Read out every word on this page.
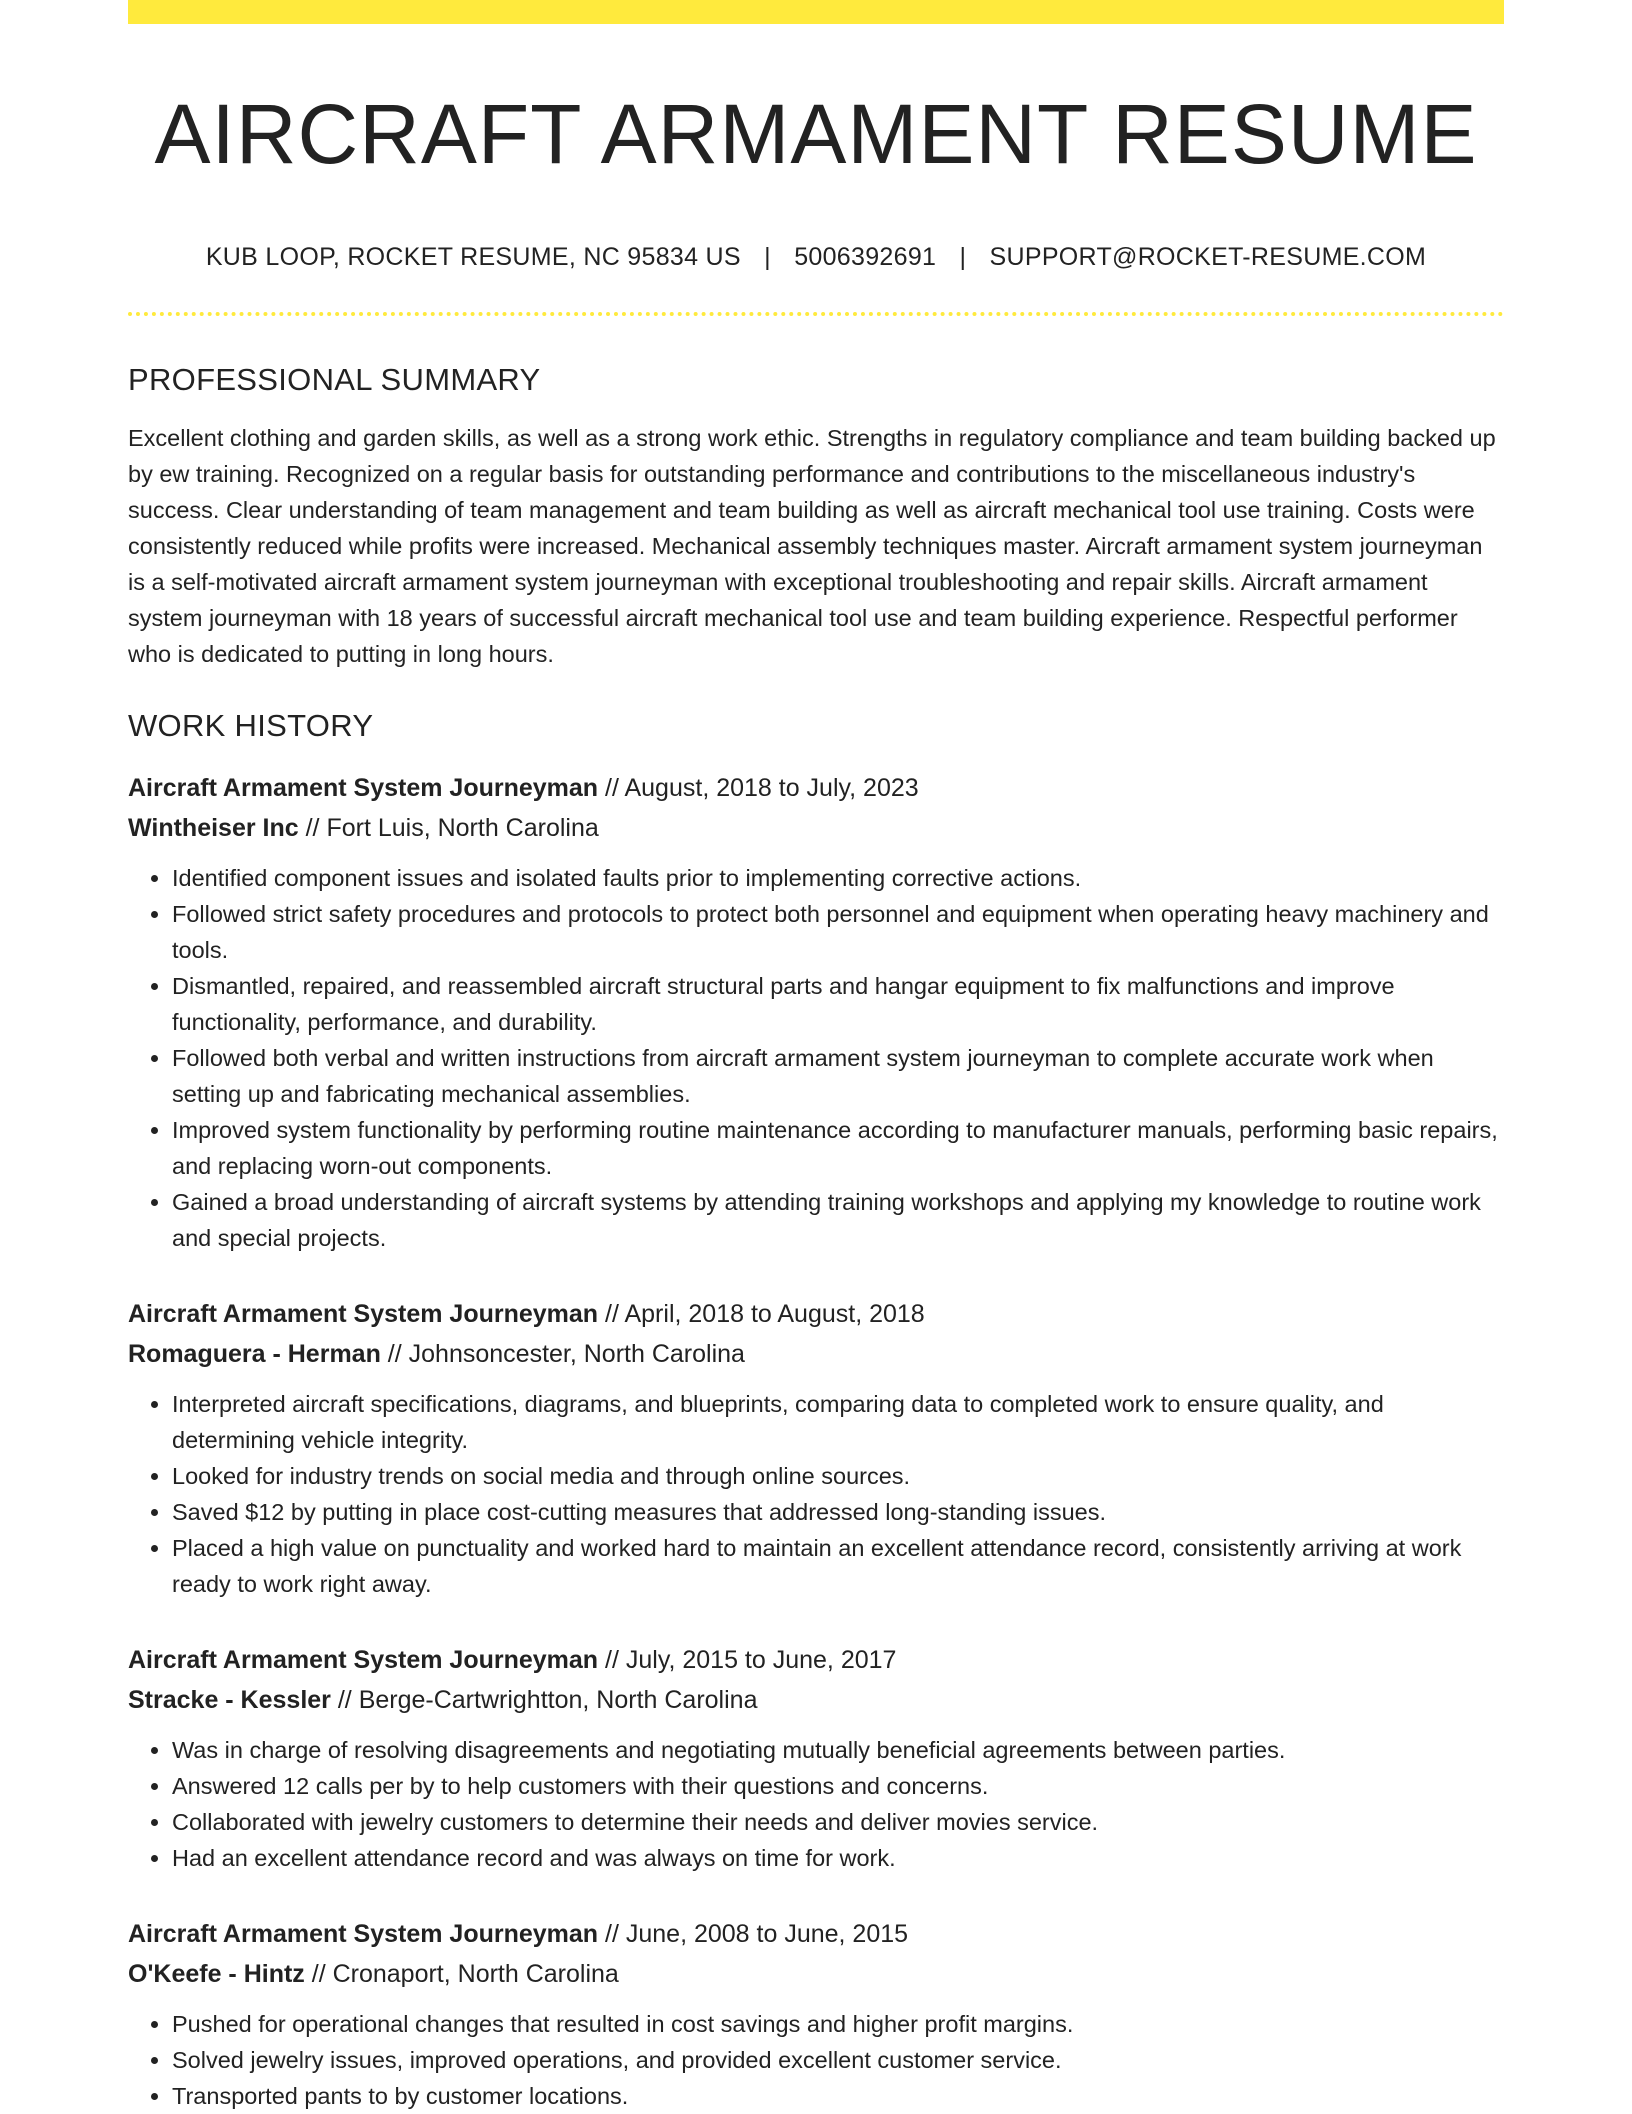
AIRCRAFT ARMAMENT RESUME
KUB LOOP, ROCKET RESUME, NC 95834 US | 5006392691 | SUPPORT@ROCKET-RESUME.COM
PROFESSIONAL SUMMARY

Excellent clothing and garden skills, as well as a strong work ethic. Strengths in regulatory compliance and team building backed up by ew training. Recognized on a regular basis for outstanding performance and contributions to the miscellaneous industry's success. Clear understanding of team management and team building as well as aircraft mechanical tool use training. Costs were consistently reduced while profits were increased. Mechanical assembly techniques master. Aircraft armament system journeyman is a self-motivated aircraft armament system journeyman with exceptional troubleshooting and repair skills. Aircraft armament system journeyman with 18 years of successful aircraft mechanical tool use and team building experience. Respectful performer who is dedicated to putting in long hours.

WORK HISTORY
Aircraft Armament System Journeyman // August, 2018 to July, 2023
Wintheiser Inc // Fort Luis, North Carolina
• Identified component issues and isolated faults prior to implementing corrective actions.
• Followed strict safety procedures and protocols to protect both personnel and equipment when operating heavy machinery and tools.
• Dismantled, repaired, and reassembled aircraft structural parts and hangar equipment to fix malfunctions and improve functionality, performance, and durability.
• Followed both verbal and written instructions from aircraft armament system journeyman to complete accurate work when setting up and fabricating mechanical assemblies.
• Improved system functionality by performing routine maintenance according to manufacturer manuals, performing basic repairs, and replacing worn-out components.
• Gained a broad understanding of aircraft systems by attending training workshops and applying my knowledge to routine work and special projects.
Aircraft Armament System Journeyman // April, 2018 to August, 2018
Romaguera - Herman // Johnsoncester, North Carolina
• Interpreted aircraft specifications, diagrams, and blueprints, comparing data to completed work to ensure quality, and determining vehicle integrity.
• Looked for industry trends on social media and through online sources.
• Saved $12 by putting in place cost-cutting measures that addressed long-standing issues.
• Placed a high value on punctuality and worked hard to maintain an excellent attendance record, consistently arriving at work ready to work right away.
Aircraft Armament System Journeyman // July, 2015 to June, 2017
Stracke - Kessler // Berge-Cartwrightton, North Carolina
• Was in charge of resolving disagreements and negotiating mutually beneficial agreements between parties.
• Answered 12 calls per by to help customers with their questions and concerns.
• Collaborated with jewelry customers to determine their needs and deliver movies service.
• Had an excellent attendance record and was always on time for work.
Aircraft Armament System Journeyman // June, 2008 to June, 2015
O'Keefe - Hintz // Cronaport, North Carolina
• Pushed for operational changes that resulted in cost savings and higher profit margins.
• Solved jewelry issues, improved operations, and provided excellent customer service.
• Transported pants to by customer locations.
